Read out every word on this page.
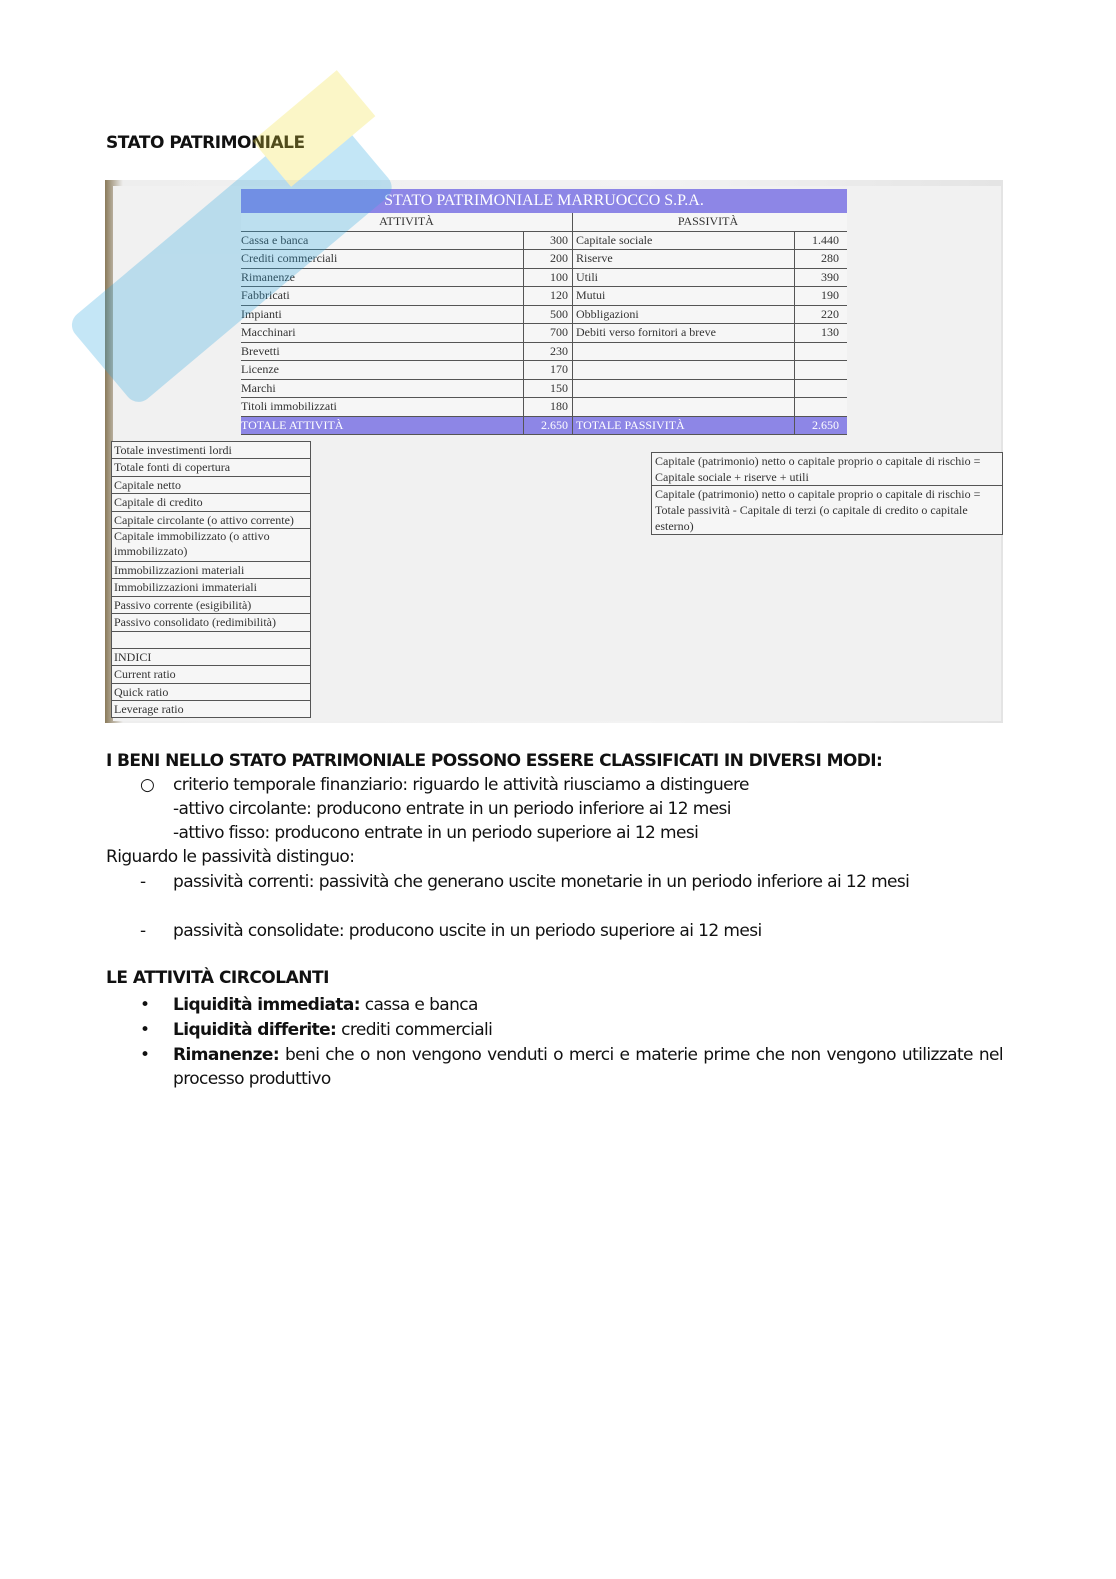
STATO PATRIMONIALE
STATO PATRIMONIALE MARRUOCCO S.P.A.
ATTIVITÀ	PASSIVITÀ
Cassa e banca	300 Capitale sociale	1.440
Crediti commerciali	200 Riserve	280
Rimanenze	100 Utili	390
Fabbricati	120 Mutui	190
Impianti	500 Obbligazioni	220
Macchinari	700 Debiti verso fornitori a breve	130
Brevetti	230
Licenze	170
Marchi	150
Titoli immobilizzati	180
TOTALE ATTIVITÀ	2.650 TOTALE PASSIVITÀ	2.650
Totale investimenti lordi
Totale fonti di copertura
Capitale netto
Capitale di credito
Capitale circolante (o attivo corrente)
Capitale immobilizzato (o attivo immobilizzato)
Immobilizzazioni materiali
Immobilizzazioni immateriali
Passivo corrente (esigibilità)
Passivo consolidato (redimibilità)
INDICI
Current ratio
Quick ratio
Leverage ratio
Capitale (patrimonio) netto o capitale proprio o capitale di rischio = Capitale sociale + riserve + utili
Capitale (patrimonio) netto o capitale proprio o capitale di rischio = Totale passività - Capitale di terzi (o capitale di credito o capitale esterno)
I BENI NELLO STATO PATRIMONIALE POSSONO ESSERE CLASSIFICATI IN DIVERSI MODI:
○ criterio temporale finanziario: riguardo le attività riusciamo a distinguere
-attivo circolante: producono entrate in un periodo inferiore ai 12 mesi
-attivo fisso: producono entrate in un periodo superiore ai 12 mesi
Riguardo le passività distinguo:
- passività correnti: passività che generano uscite monetarie in un periodo inferiore ai 12 mesi
- passività consolidate: producono uscite in un periodo superiore ai 12 mesi
LE ATTIVITÀ CIRCOLANTI
• Liquidità immediata: cassa e banca
• Liquidità differite: crediti commerciali
• Rimanenze: beni che o non vengono venduti o merci e materie prime che non vengono utilizzate nel processo produttivo
